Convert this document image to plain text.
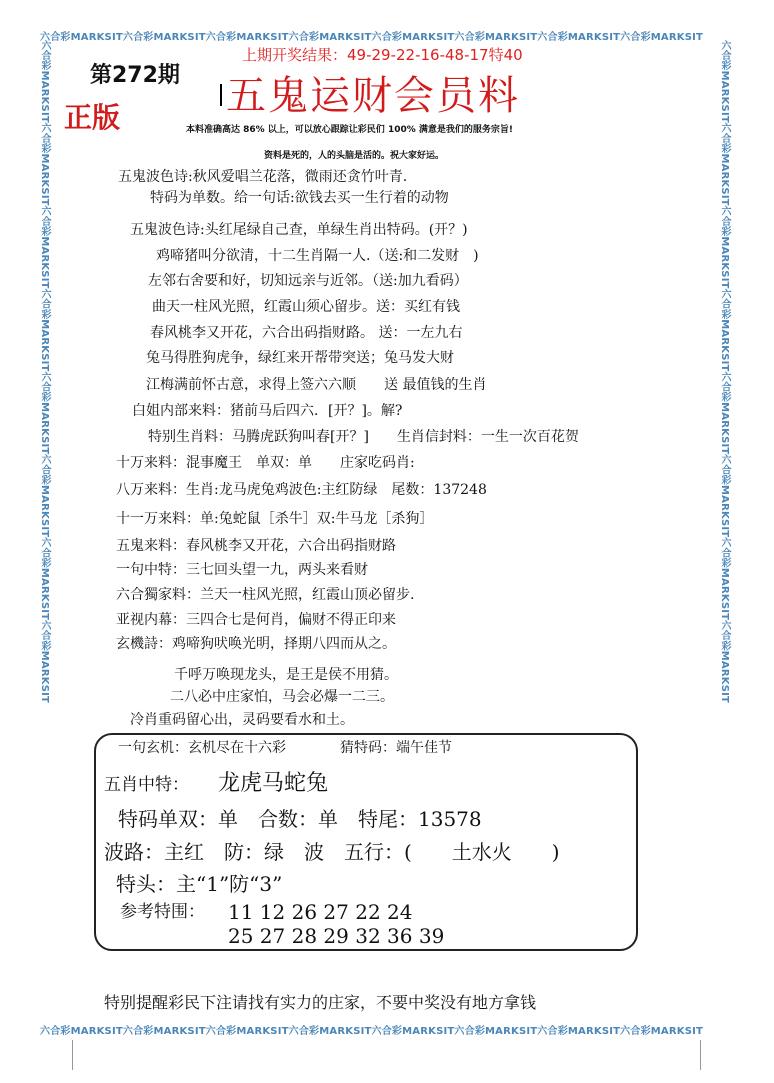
六合彩MARKSIT六合彩MARKSIT六合彩MARKSIT六合彩MARKSIT六合彩MARKSIT六合彩MARKSIT六合彩MARKSIT六合彩MARKSIT
六合彩MARKSIT六合彩MARKSIT六合彩MARKSIT六合彩MARKSIT六合彩MARKSIT六合彩MARKSIT六合彩MARKSIT六合彩MARKSIT
六合彩MARKSIT六合彩MARKSIT六合彩MARKSIT六合彩MARKSIT六合彩MARKSIT六合彩MARKSIT六合彩MARKSIT六合彩MARKSIT	六合彩MARKSIT六合彩MARKSIT六合彩MARKSIT六合彩MARKSIT六合彩MARKSIT六合彩MARKSIT六合彩MARKSIT六合彩MARKSIT
第272期
正版
上期开奖结果：49-29-22-16-48-17特40
五鬼运财会员料
本料准确高达 86% 以上，可以放心跟踪让彩民们 100% 满意是我们的服务宗旨!
资料是死的，人的头脑是活的。祝大家好运。
五鬼波色诗:秋风爱唱兰花落，微雨还贪竹叶青.
特码为单数。给一句话:欲钱去买一生行着的动物
五鬼波色诗:头红尾绿自己查，单绿生肖出特码。(开？)
鸡啼猪叫分欲清，十二生肖隔一人.（送:和二发财　)
左邻右舍要和好，切知远亲与近邻。（送:加九看码）
曲天一柱风光照，红霞山须心留步。送：买红有钱
春风桃李又开花，六合出码指财路。 送：一左九右
兔马得胜狗虎争，绿红来开帮带突送；兔马发大财
江梅满前怀古意，求得上签六六顺　　送 最值钱的生肖
白姐内部来料：猪前马后四六．[开？]。解?
特别生肖料：马腾虎跃狗叫春[开？]　　生肖信封料：一生一次百花贺
十万来料：混事魔王　单双：单　　庄家吃码肖:
八万来料：生肖:龙马虎兔鸡波色:主红防绿　尾数：137248
十一万来料：单:兔蛇鼠［杀牛］双:牛马龙［杀狗］
五鬼来料：春风桃李又开花，六合出码指财路
一句中特：三七回头望一九，两头来看财
六合獨家料：兰天一柱风光照，红霞山顶必留步.
亚视内幕：三四合七是何肖，偏财不得正印来
玄機詩：鸡啼狗吠唤光明，择期八四而从之。
千呼万唤现龙头，是王是侯不用猜。
二八必中庄家怕，马会必爆一二三。
冷肖重码留心出，灵码要看水和土。
一句玄机：玄机尽在十六彩	猜特码：端午佳节
五肖中特： 龙虎马蛇兔
特码单双：单　合数：单　特尾：13578
波路：主红　防：绿　波　五行：(　　土水火　　)
特头：主“1”防“3”
参考特围： 11 12 26 27 22 24
25 27 28 29 32 36 39
特别提醒彩民下注请找有实力的庄家，不要中奖没有地方拿钱
